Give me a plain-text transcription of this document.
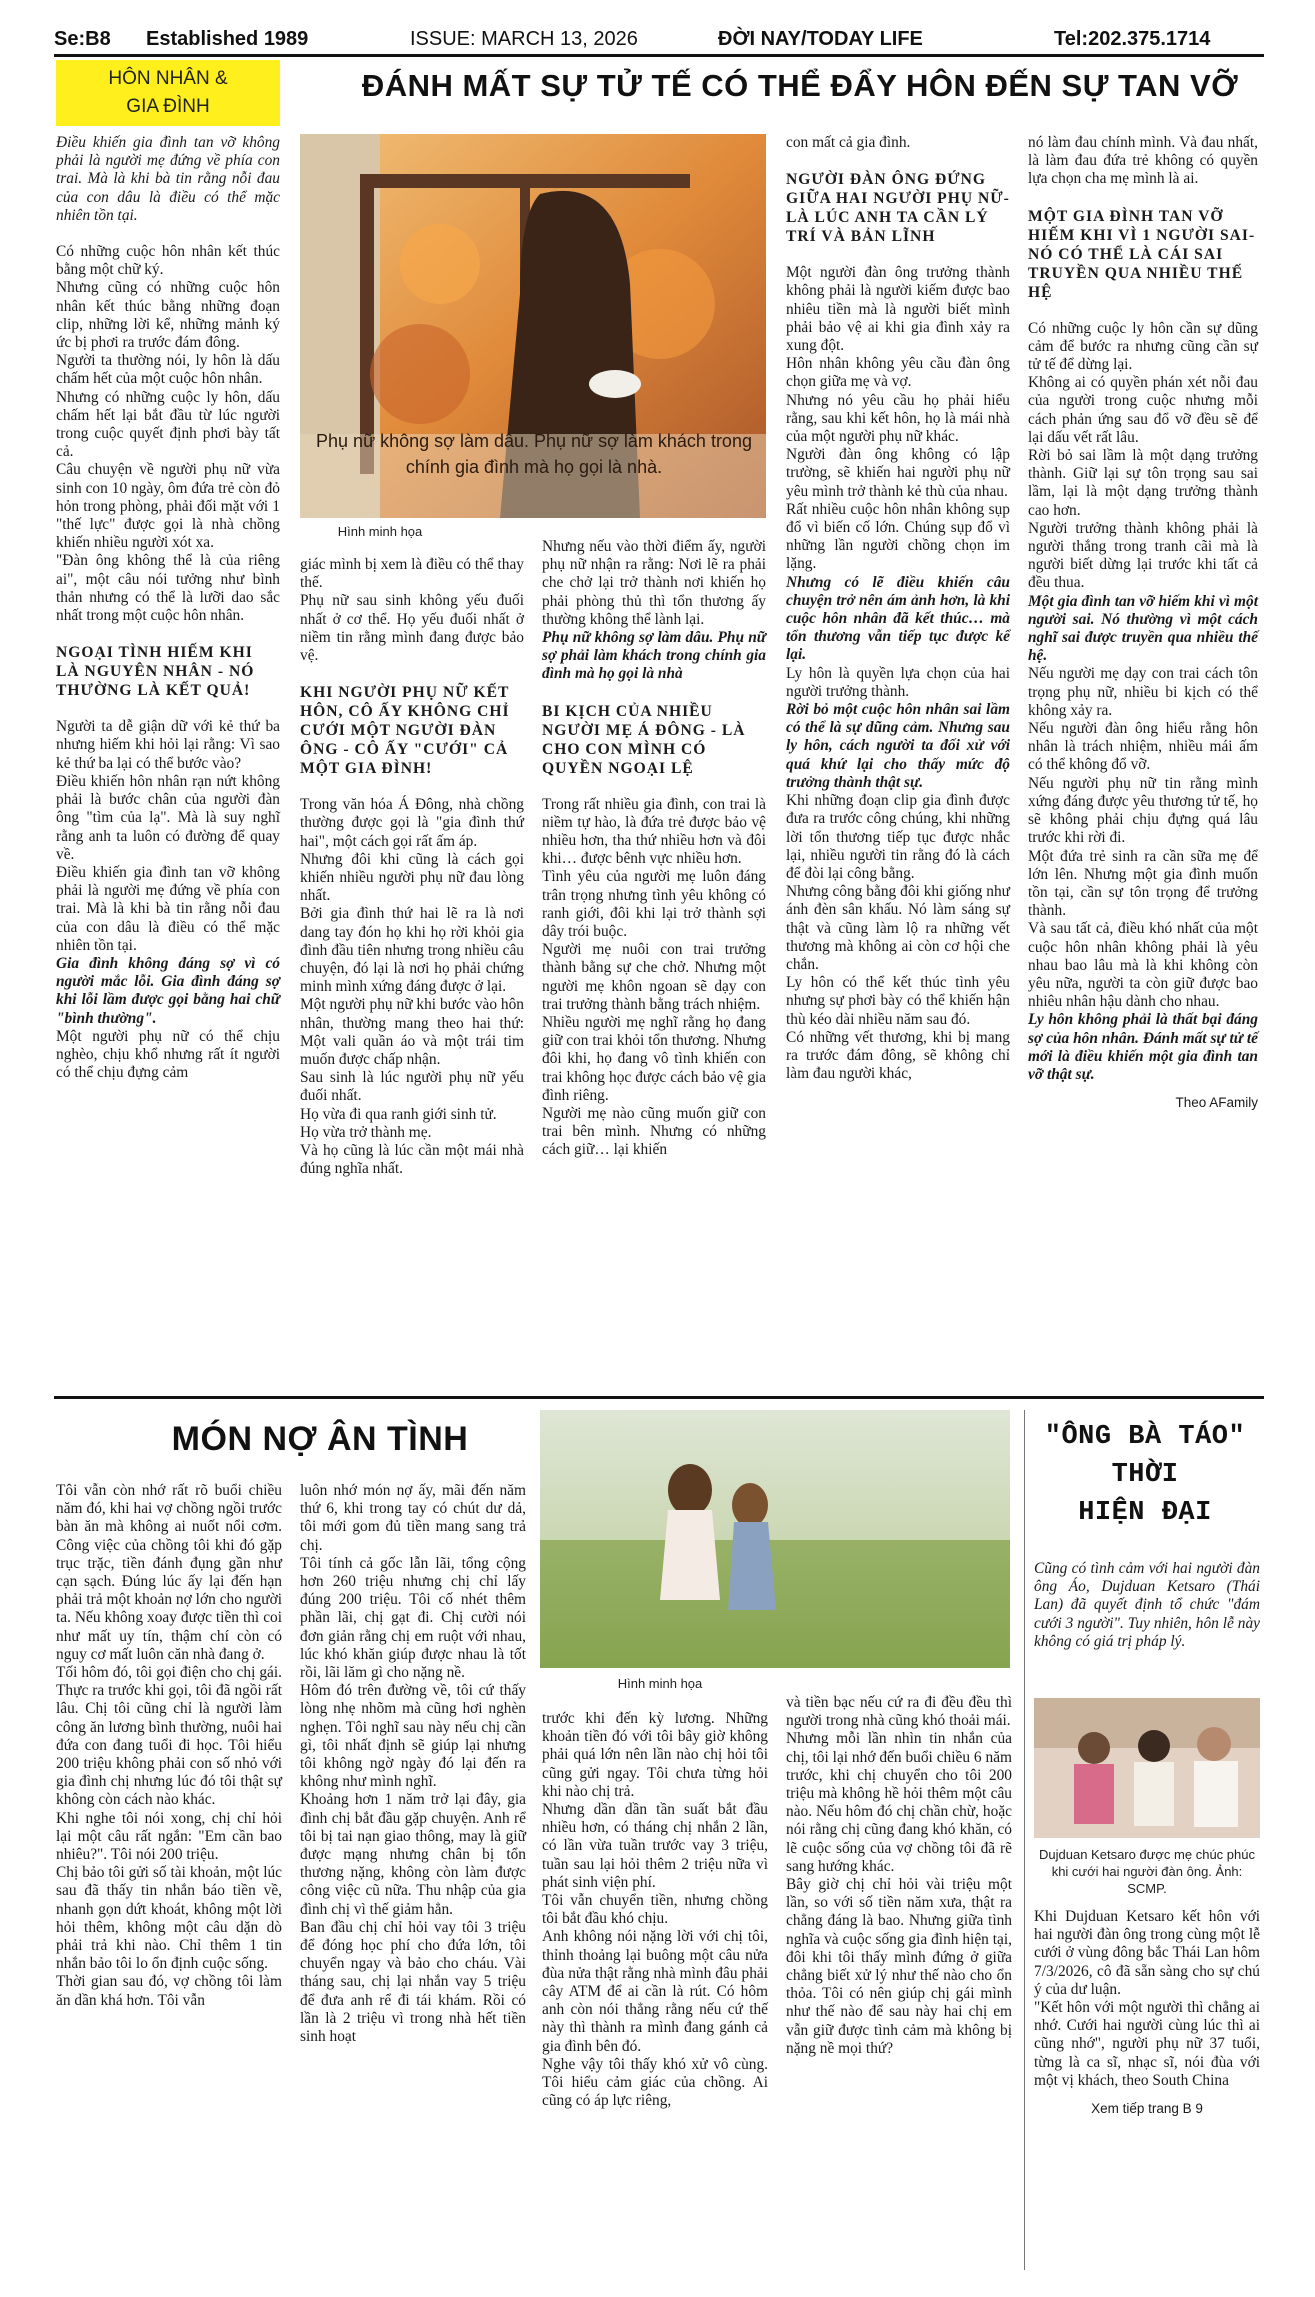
Se:B8 Established 1989	ISSUE: MARCH 13, 2026	ĐỜI NAY/TODAY LIFE	Tel:202.375.1714
HÔN NHÂN &
GIA ĐÌNH
ĐÁNH MẤT SỰ TỬ TẾ CÓ THỂ ĐẨY HÔN ĐẾN SỰ TAN VỠ
Phụ nữ không sợ làm dâu. Phụ nữ sợ làm khách trong chính gia đình mà họ gọi là nhà.
Hình minh họa

Điều khiến gia đình tan vỡ không phải là người mẹ đứng về phía con trai. Mà là khi bà tin rằng nỗi đau của con dâu là điều có thể mặc nhiên tồn tại.

Có những cuộc hôn nhân kết thúc bằng một chữ ký.

Nhưng cũng có những cuộc hôn nhân kết thúc bằng những đoạn clip, những lời kể, những mảnh ký ức bị phơi ra trước đám đông.

Người ta thường nói, ly hôn là dấu chấm hết của một cuộc hôn nhân.

Nhưng có những cuộc ly hôn, dấu chấm hết lại bắt đầu từ lúc người trong cuộc quyết định phơi bày tất cả.

Câu chuyện về người phụ nữ vừa sinh con 10 ngày, ôm đứa trẻ còn đỏ hỏn trong phòng, phải đối mặt với 1 "thế lực" được gọi là nhà chồng khiến nhiều người xót xa.

"Đàn ông không thể là của riêng ai", một câu nói tưởng như bình thản nhưng có thể là lưỡi dao sắc nhất trong một cuộc hôn nhân.

NGOẠI TÌNH HIẾM KHI LÀ NGUYÊN NHÂN - NÓ THƯỜNG LÀ KẾT QUẢ!

Người ta dễ giận dữ với kẻ thứ ba nhưng hiếm khi hỏi lại rằng: Vì sao kẻ thứ ba lại có thể bước vào?

Điều khiến hôn nhân rạn nứt không phải là bước chân của người đàn ông "tìm của lạ". Mà là suy nghĩ rằng anh ta luôn có đường để quay về.

Điều khiến gia đình tan vỡ không phải là người mẹ đứng về phía con trai. Mà là khi bà tin rằng nỗi đau của con dâu là điều có thể mặc nhiên tồn tại.

Gia đình không đáng sợ vì có người mắc lỗi. Gia đình đáng sợ khi lỗi lầm được gọi bằng hai chữ "bình thường".

Một người phụ nữ có thể chịu nghèo, chịu khổ nhưng rất ít người có thể chịu đựng cảm

giác mình bị xem là điều có thể thay thế.

Phụ nữ sau sinh không yếu đuối nhất ở cơ thể. Họ yếu đuối nhất ở niềm tin rằng mình đang được bảo vệ.

KHI NGƯỜI PHỤ NỮ KẾT HÔN, CÔ ẤY KHÔNG CHỈ CƯỚI MỘT NGƯỜI ĐÀN ÔNG - CÔ ẤY "CƯỚI" CẢ MỘT GIA ĐÌNH!

Trong văn hóa Á Đông, nhà chồng thường được gọi là "gia đình thứ hai", một cách gọi rất ấm áp.

Nhưng đôi khi cũng là cách gọi khiến nhiều người phụ nữ đau lòng nhất.

Bởi gia đình thứ hai lẽ ra là nơi dang tay đón họ khi họ rời khỏi gia đình đầu tiên nhưng trong nhiều câu chuyện, đó lại là nơi họ phải chứng minh mình xứng đáng được ở lại.

Một người phụ nữ khi bước vào hôn nhân, thường mang theo hai thứ: Một vali quần áo và một trái tim muốn được chấp nhận.

Sau sinh là lúc người phụ nữ yếu đuối nhất.

Họ vừa đi qua ranh giới sinh tử.

Họ vừa trở thành mẹ.

Và họ cũng là lúc cần một mái nhà đúng nghĩa nhất.

Nhưng nếu vào thời điểm ấy, người phụ nữ nhận ra rằng: Nơi lẽ ra phải che chở lại trở thành nơi khiến họ phải phòng thủ thì tổn thương ấy thường không thể lành lại.

Phụ nữ không sợ làm dâu. Phụ nữ sợ phải làm khách trong chính gia đình mà họ gọi là nhà

BI KỊCH CỦA NHIỀU NGƯỜI MẸ Á ĐÔNG - LÀ CHO CON MÌNH CÓ QUYỀN NGOẠI LỆ

Trong rất nhiều gia đình, con trai là niềm tự hào, là đứa trẻ được bảo vệ nhiều hơn, tha thứ nhiều hơn và đôi khi… được bênh vực nhiều hơn.

Tình yêu của người mẹ luôn đáng trân trọng nhưng tình yêu không có ranh giới, đôi khi lại trở thành sợi dây trói buộc.

Người mẹ nuôi con trai trưởng thành bằng sự che chở. Nhưng một người mẹ khôn ngoan sẽ dạy con trai trưởng thành bằng trách nhiệm.

Nhiều người mẹ nghĩ rằng họ đang giữ con trai khỏi tổn thương. Nhưng đôi khi, họ đang vô tình khiến con trai không học được cách bảo vệ gia đình riêng.

Người mẹ nào cũng muốn giữ con trai bên mình. Nhưng có những cách giữ… lại khiến

con mất cả gia đình.

NGƯỜI ĐÀN ÔNG ĐỨNG GIỮA HAI NGƯỜI PHỤ NỮ- LÀ LÚC ANH TA CẦN LÝ TRÍ VÀ BẢN LĨNH

Một người đàn ông trưởng thành không phải là người kiếm được bao nhiêu tiền mà là người biết mình phải bảo vệ ai khi gia đình xảy ra xung đột.

Hôn nhân không yêu cầu đàn ông chọn giữa mẹ và vợ.

Nhưng nó yêu cầu họ phải hiểu rằng, sau khi kết hôn, họ là mái nhà của một người phụ nữ khác.

Người đàn ông không có lập trường, sẽ khiến hai người phụ nữ yêu mình trở thành kẻ thù của nhau.

Rất nhiều cuộc hôn nhân không sụp đổ vì biến cố lớn. Chúng sụp đổ vì những lần người chồng chọn im lặng.

Nhưng có lẽ điều khiến câu chuyện trở nên ám ảnh hơn, là khi cuộc hôn nhân đã kết thúc… mà tổn thương vẫn tiếp tục được kể lại.

Ly hôn là quyền lựa chọn của hai người trưởng thành.

Rời bỏ một cuộc hôn nhân sai lầm có thể là sự dũng cảm. Nhưng sau ly hôn, cách người ta đối xử với quá khứ lại cho thấy mức độ trưởng thành thật sự.

Khi những đoạn clip gia đình được đưa ra trước công chúng, khi những lời tổn thương tiếp tục được nhắc lại, nhiều người tin rằng đó là cách để đòi lại công bằng.

Nhưng công bằng đôi khi giống như ánh đèn sân khấu. Nó làm sáng sự thật và cũng làm lộ ra những vết thương mà không ai còn cơ hội che chắn.

Ly hôn có thể kết thúc tình yêu nhưng sự phơi bày có thể khiến hận thù kéo dài nhiều năm sau đó.

Có những vết thương, khi bị mang ra trước đám đông, sẽ không chỉ làm đau người khác,

nó làm đau chính mình. Và đau nhất, là làm đau đứa trẻ không có quyền lựa chọn cha mẹ mình là ai.

MỘT GIA ĐÌNH TAN VỠ HIẾM KHI VÌ 1 NGƯỜI SAI- NÓ CÓ THỂ LÀ CÁI SAI TRUYỀN QUA NHIỀU THẾ HỆ

Có những cuộc ly hôn cần sự dũng cảm để bước ra nhưng cũng cần sự tử tế để dừng lại.

Không ai có quyền phán xét nỗi đau của người trong cuộc nhưng mỗi cách phản ứng sau đổ vỡ đều sẽ để lại dấu vết rất lâu.

Rời bỏ sai lầm là một dạng trưởng thành. Giữ lại sự tôn trọng sau sai lầm, lại là một dạng trưởng thành cao hơn.

Người trưởng thành không phải là người thắng trong tranh cãi mà là người biết dừng lại trước khi tất cả đều thua.

Một gia đình tan vỡ hiếm khi vì một người sai. Nó thường vì một cách nghĩ sai được truyền qua nhiều thế hệ.

Nếu người mẹ dạy con trai cách tôn trọng phụ nữ, nhiều bi kịch có thể không xảy ra.

Nếu người đàn ông hiểu rằng hôn nhân là trách nhiệm, nhiều mái ấm có thể không đổ vỡ.

Nếu người phụ nữ tin rằng mình xứng đáng được yêu thương tử tế, họ sẽ không phải chịu đựng quá lâu trước khi rời đi.

Một đứa trẻ sinh ra cần sữa mẹ để lớn lên. Nhưng một gia đình muốn tồn tại, cần sự tôn trọng để trưởng thành.

Và sau tất cả, điều khó nhất của một cuộc hôn nhân không phải là yêu nhau bao lâu mà là khi không còn yêu nữa, người ta còn giữ được bao nhiêu nhân hậu dành cho nhau.

Ly hôn không phải là thất bại đáng sợ của hôn nhân. Đánh mất sự tử tế mới là điều khiến một gia đình tan vỡ thật sự.

Theo AFamily
MÓN NỢ ÂN TÌNH
Hình minh họa

Tôi vẫn còn nhớ rất rõ buổi chiều năm đó, khi hai vợ chồng ngồi trước bàn ăn mà không ai nuốt nổi cơm. Công việc của chồng tôi khi đó gặp trục trặc, tiền đánh đụng gần như cạn sạch. Đúng lúc ấy lại đến hạn phải trả một khoản nợ lớn cho người ta. Nếu không xoay được tiền thì coi như mất uy tín, thậm chí còn có nguy cơ mất luôn căn nhà đang ở.

Tối hôm đó, tôi gọi điện cho chị gái. Thực ra trước khi gọi, tôi đã ngồi rất lâu. Chị tôi cũng chỉ là người làm công ăn lương bình thường, nuôi hai đứa con đang tuổi đi học. Tôi hiểu 200 triệu không phải con số nhỏ với gia đình chị nhưng lúc đó tôi thật sự không còn cách nào khác.

Khi nghe tôi nói xong, chị chỉ hỏi lại một câu rất ngắn: "Em cần bao nhiêu?". Tôi nói 200 triệu.

Chị bảo tôi gửi số tài khoản, một lúc sau đã thấy tin nhắn báo tiền về, nhanh gọn dứt khoát, không một lời hỏi thêm, không một câu dặn dò phải trả khi nào. Chỉ thêm 1 tin nhắn bảo tôi lo ổn định cuộc sống.

Thời gian sau đó, vợ chồng tôi làm ăn dần khá hơn. Tôi vẫn

luôn nhớ món nợ ấy, mãi đến năm thứ 6, khi trong tay có chút dư dả, tôi mới gom đủ tiền mang sang trả chị.

Tôi tính cả gốc lẫn lãi, tổng cộng hơn 260 triệu nhưng chị chỉ lấy đúng 200 triệu. Tôi cố nhét thêm phần lãi, chị gạt đi. Chị cười nói đơn giản rằng chị em ruột với nhau, lúc khó khăn giúp được nhau là tốt rồi, lãi lăm gì cho nặng nề.

Hôm đó trên đường về, tôi cứ thấy lòng nhẹ nhõm mà cũng hơi nghèn nghẹn. Tôi nghĩ sau này nếu chị cần gì, tôi nhất định sẽ giúp lại nhưng tôi không ngờ ngày đó lại đến ra không như mình nghĩ.

Khoảng hơn 1 năm trở lại đây, gia đình chị bắt đầu gặp chuyện. Anh rể tôi bị tai nạn giao thông, may là giữ được mạng nhưng chân bị tổn thương nặng, không còn làm được công việc cũ nữa. Thu nhập của gia đình chị vì thế giảm hẳn.

Ban đầu chị chỉ hỏi vay tôi 3 triệu để đóng học phí cho đứa lớn, tôi chuyển ngay và bảo cho cháu. Vài tháng sau, chị lại nhắn vay 5 triệu để đưa anh rể đi tái khám. Rồi có lần là 2 triệu vì trong nhà hết tiền sinh hoạt

trước khi đến kỳ lương. Những khoản tiền đó với tôi bây giờ không phải quá lớn nên lần nào chị hỏi tôi cũng gửi ngay. Tôi chưa từng hỏi khi nào chị trả.

Nhưng dần dần tần suất bắt đầu nhiều hơn, có tháng chị nhắn 2 lần, có lần vừa tuần trước vay 3 triệu, tuần sau lại hỏi thêm 2 triệu nữa vì phát sinh viện phí.

Tôi vẫn chuyển tiền, nhưng chồng tôi bắt đầu khó chịu.

Anh không nói nặng lời với chị tôi, thỉnh thoảng lại buông một câu nửa đùa nửa thật rằng nhà mình đâu phải cây ATM để ai cần là rút. Có hôm anh còn nói thẳng rằng nếu cứ thế này thì thành ra mình đang gánh cả gia đình bên đó.

Nghe vậy tôi thấy khó xử vô cùng. Tôi hiểu cảm giác của chồng. Ai cũng có áp lực riêng,

và tiền bạc nếu cứ ra đi đều đều thì người trong nhà cũng khó thoải mái.

Nhưng mỗi lần nhìn tin nhắn của chị, tôi lại nhớ đến buổi chiều 6 năm trước, khi chị chuyển cho tôi 200 triệu mà không hề hỏi thêm một câu nào. Nếu hôm đó chị chần chừ, hoặc nói rằng chị cũng đang khó khăn, có lẽ cuộc sống của vợ chồng tôi đã rẽ sang hướng khác.

Bây giờ chị chỉ hỏi vài triệu một lần, so với số tiền năm xưa, thật ra chẳng đáng là bao. Nhưng giữa tình nghĩa và cuộc sống gia đình hiện tại, đôi khi tôi thấy mình đứng ở giữa chẳng biết xử lý như thế nào cho ổn thỏa. Tôi có nên giúp chị gái mình như thế nào để sau này hai chị em vẫn giữ được tình cảm mà không bị nặng nề mọi thứ?

"ÔNG BÀ TÁO"
THỜI
HIỆN ĐẠI

Cũng có tình cảm với hai người đàn ông Áo, Dujduan Ketsaro (Thái Lan) đã quyết định tổ chức "đám cưới 3 người". Tuy nhiên, hôn lễ này không có giá trị pháp lý.

Dujduan Ketsaro được mẹ chúc phúc khi cưới hai người đàn ông. Ảnh: SCMP.

Khi Dujduan Ketsaro kết hôn với hai người đàn ông trong cùng một lễ cưới ở vùng đông bắc Thái Lan hôm 7/3/2026, cô đã sẵn sàng cho sự chú ý của dư luận.

"Kết hôn với một người thì chẳng ai nhớ. Cưới hai người cùng lúc thì ai cũng nhớ", người phụ nữ 37 tuổi, từng là ca sĩ, nhạc sĩ, nói đùa với một vị khách, theo South China

Xem tiếp trang B 9
